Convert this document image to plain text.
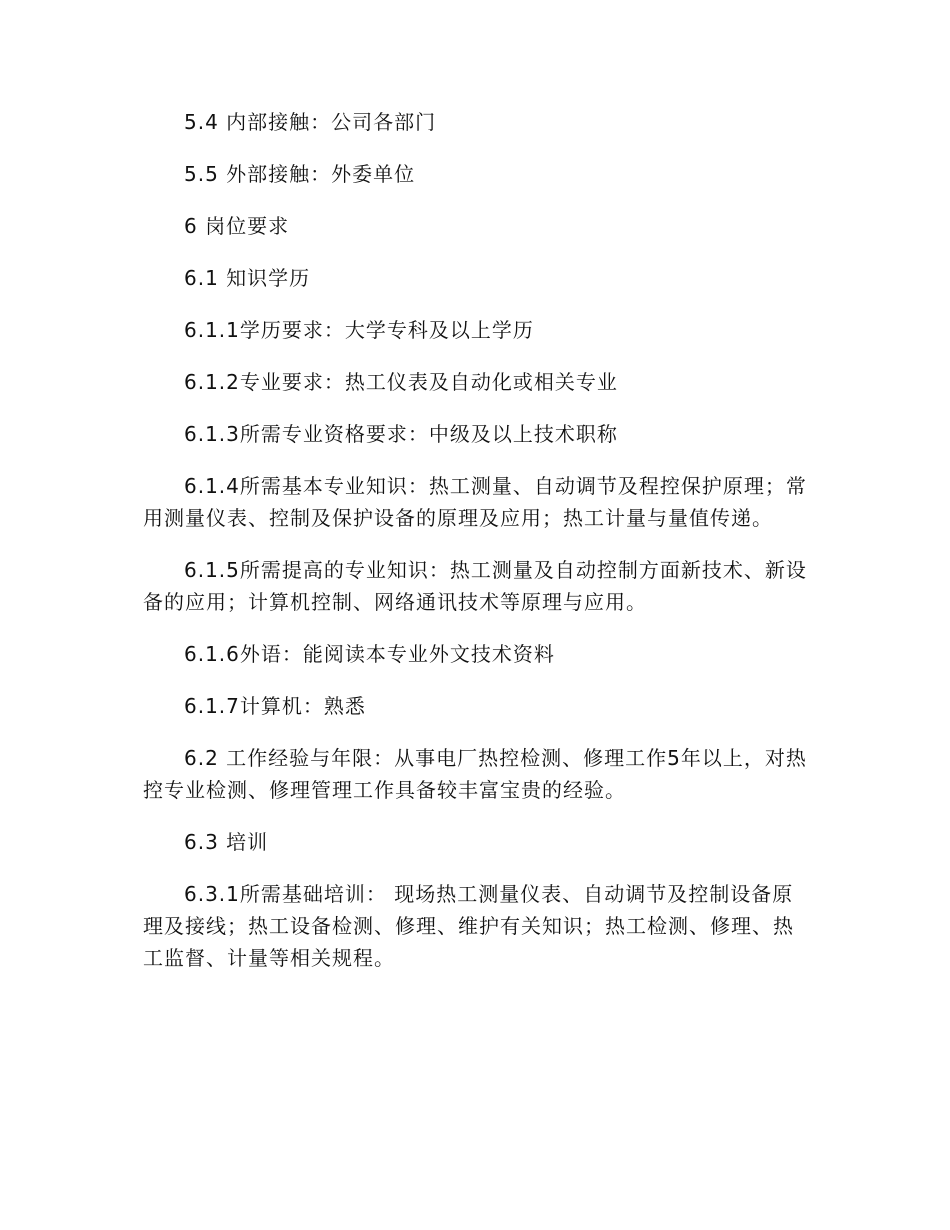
5.4 内部接触：公司各部门

5.5 外部接触：外委单位

6 岗位要求

6.1 知识学历

6.1.1学历要求：大学专科及以上学历

6.1.2专业要求：热工仪表及自动化或相关专业

6.1.3所需专业资格要求：中级及以上技术职称

6.1.4所需基本专业知识：热工测量、自动调节及程控保护原理；常用测量仪表、控制及保护设备的原理及应用；热工计量与量值传递。

6.1.5所需提高的专业知识：热工测量及自动控制方面新技术、新设备的应用；计算机控制、网络通讯技术等原理与应用。

6.1.6外语：能阅读本专业外文技术资料

6.1.7计算机：熟悉

6.2 工作经验与年限：从事电厂热控检测、修理工作5年以上，对热控专业检测、修理管理工作具备较丰富宝贵的经验。

6.3 培训

6.3.1所需基础培训： 现场热工测量仪表、自动调节及控制设备原理及接线；热工设备检测、修理、维护有关知识；热工检测、修理、热工监督、计量等相关规程。
